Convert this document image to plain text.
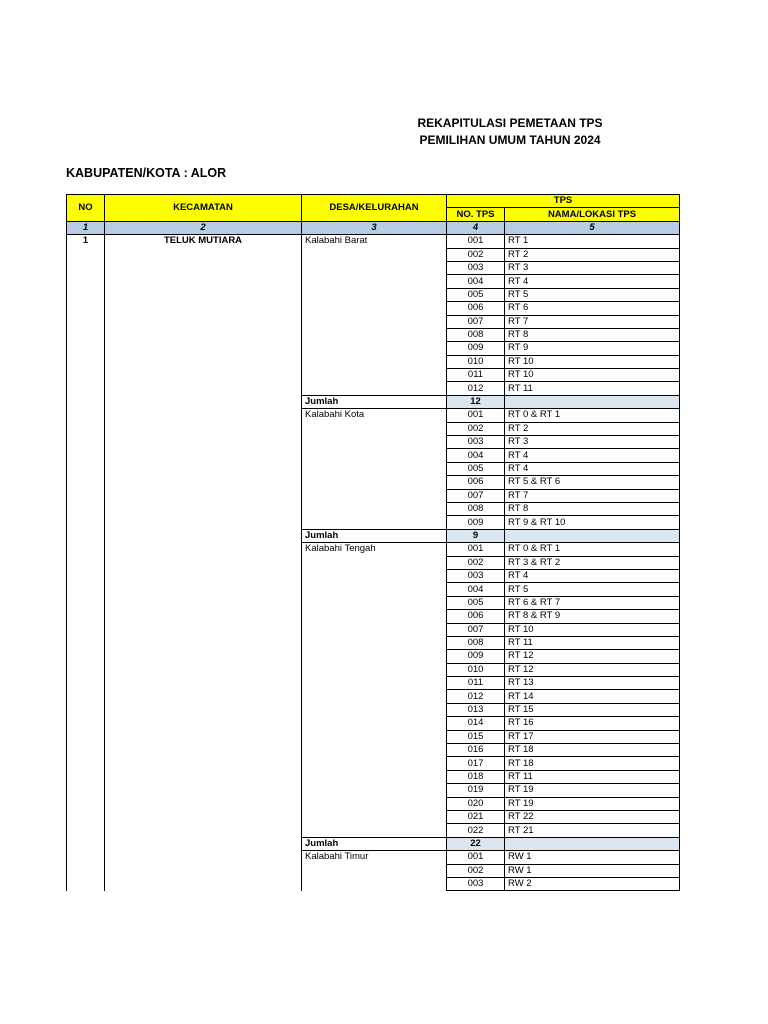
REKAPITULASI PEMETAAN TPS
PEMILIHAN UMUM TAHUN 2024
KABUPATEN/KOTA : ALOR
NO	KECAMATAN	DESA/KELURAHAN	TPS	
			NO. TPS	NAMA/LOKASI TPS
1	2	3	4	5
1	TELUK MUTIARA	Kalabahi Barat	001	RT 1
			002	RT 2
			003	RT 3
			004	RT 4
			005	RT 5
			006	RT 6
			007	RT 7
			008	RT 8
			009	RT 9
			010	RT 10
			011	RT 10
			012	RT 11
		Jumlah	12	
		Kalabahi Kota	001	RT 0 & RT 1
			002	RT 2
			003	RT 3
			004	RT 4
			005	RT 4
			006	RT 5 & RT 6
			007	RT 7
			008	RT 8
			009	RT 9 & RT 10
		Jumlah	9	
		Kalabahi Tengah	001	RT 0 & RT 1
			002	RT 3 & RT 2
			003	RT 4
			004	RT 5
			005	RT 6 & RT 7
			006	RT 8 & RT 9
			007	RT 10
			008	RT 11
			009	RT 12
			010	RT 12
			011	RT 13
			012	RT 14
			013	RT 15
			014	RT 16
			015	RT 17
			016	RT 18
			017	RT 18
			018	RT 11
			019	RT 19
			020	RT 19
			021	RT 22
			022	RT 21
		Jumlah	22	
		Kalabahi Timur	001	RW 1
			002	RW 1
			003	RW 2
